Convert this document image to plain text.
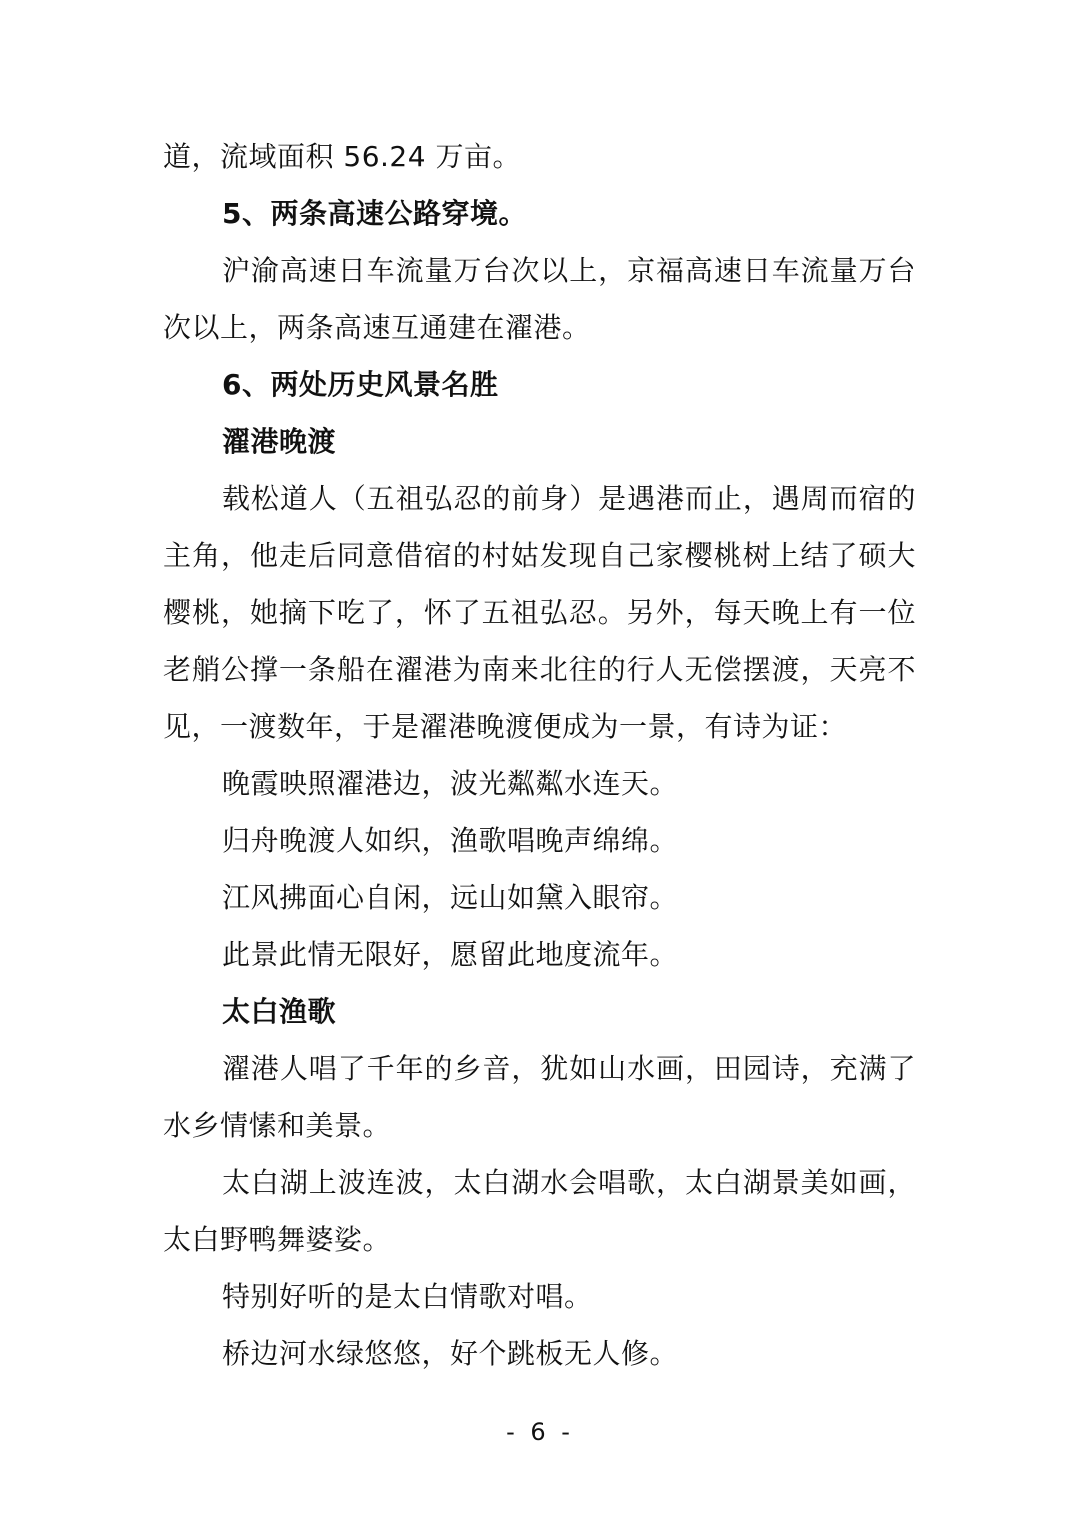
道，流域面积 56.24 万亩。
5、两条高速公路穿境。
沪渝高速日车流量万台次以上，京福高速日车流量万台
次以上，两条高速互通建在濯港。
6、两处历史风景名胜
濯港晚渡
载松道人（五祖弘忍的前身）是遇港而止，遇周而宿的
主角，他走后同意借宿的村姑发现自己家樱桃树上结了硕大
樱桃，她摘下吃了，怀了五祖弘忍。另外，每天晚上有一位
老艄公撑一条船在濯港为南来北往的行人无偿摆渡，天亮不
见，一渡数年，于是濯港晚渡便成为一景，有诗为证：
晚霞映照濯港边，波光粼粼水连天。
归舟晚渡人如织，渔歌唱晚声绵绵。
江风拂面心自闲，远山如黛入眼帘。
此景此情无限好，愿留此地度流年。
太白渔歌
濯港人唱了千年的乡音，犹如山水画，田园诗，充满了
水乡情愫和美景。
太白湖上波连波，太白湖水会唱歌，太白湖景美如画，
太白野鸭舞婆娑。
特别好听的是太白情歌对唱。
桥边河水绿悠悠，好个跳板无人修。
- 6 -
